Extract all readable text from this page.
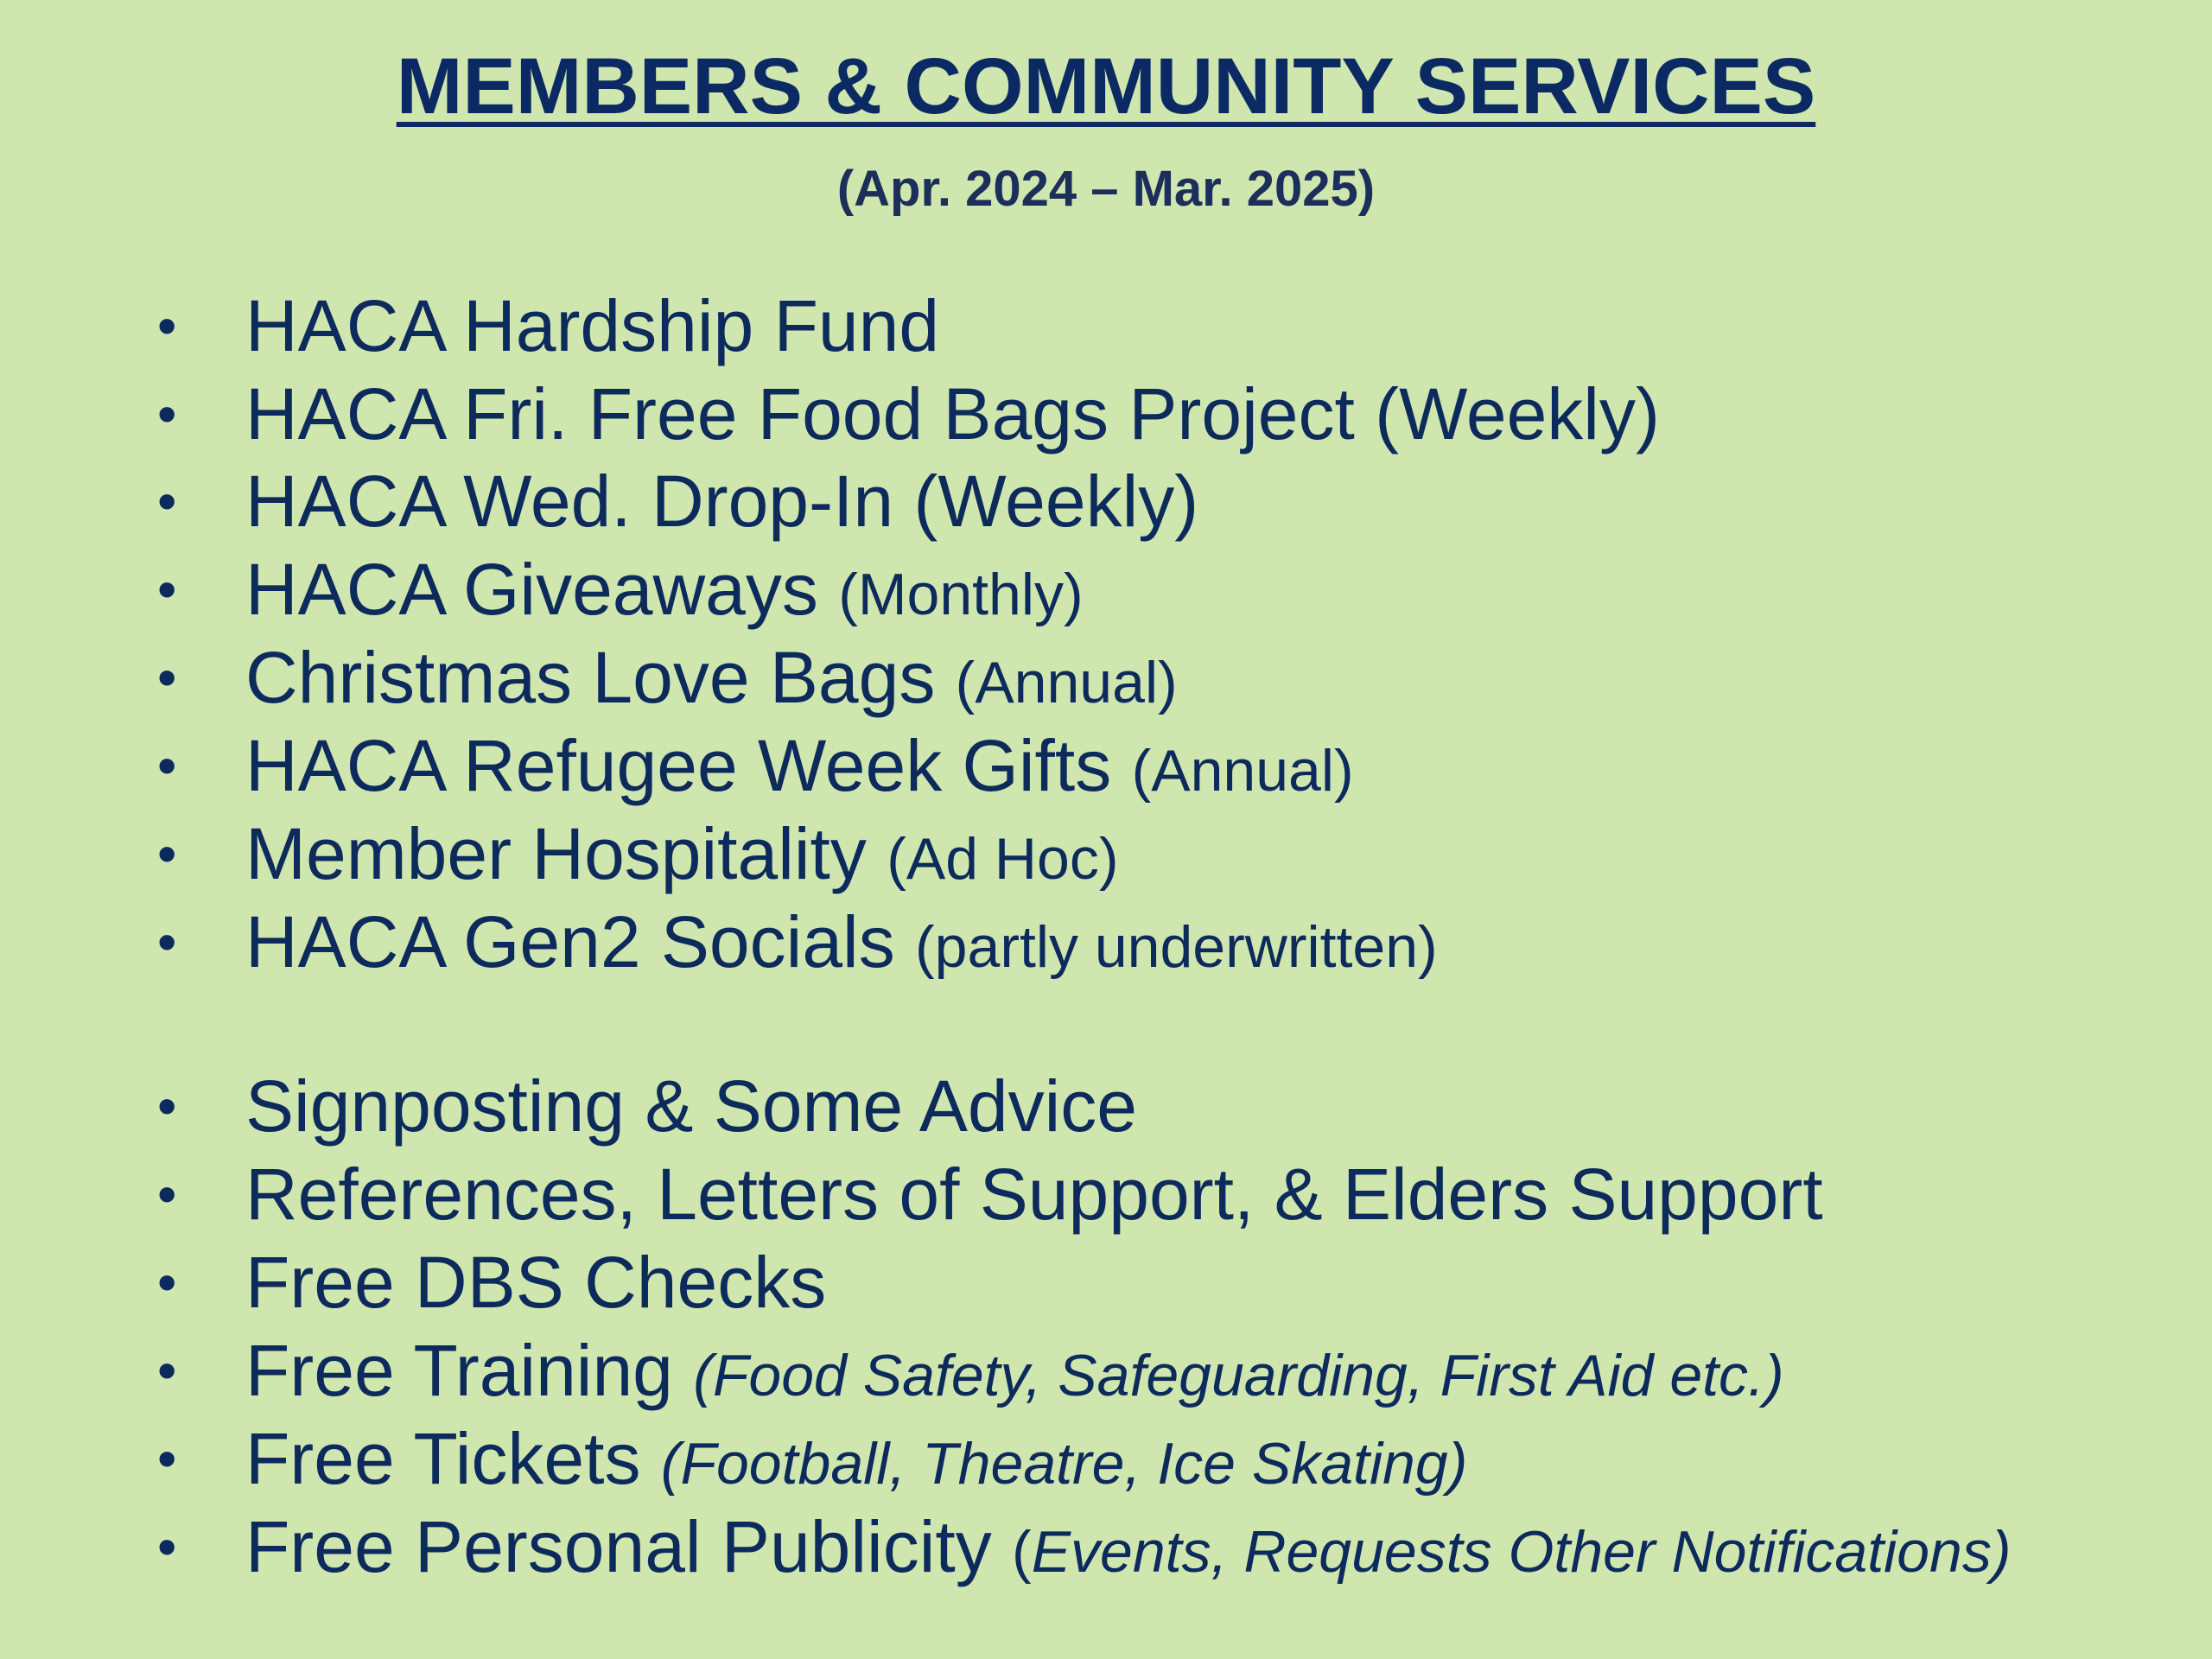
MEMBERS & COMMUNITY SERVICES
(Apr. 2024 – Mar. 2025)
• HACA Hardship Fund
• HACA Fri. Free Food Bags Project (Weekly)
• HACA Wed. Drop-In (Weekly)
• HACA Giveaways (Monthly)
• Christmas Love Bags (Annual)
• HACA Refugee Week Gifts (Annual)
• Member Hospitality (Ad Hoc)
• HACA Gen2 Socials (partly underwritten)
• Signposting & Some Advice
• References, Letters of Support, & Elders Support
• Free DBS Checks
• Free Training (Food Safety, Safeguarding, First Aid etc.)
• Free Tickets (Football, Theatre, Ice Skating)
• Free Personal Publicity (Events, Requests Other Notifications)
